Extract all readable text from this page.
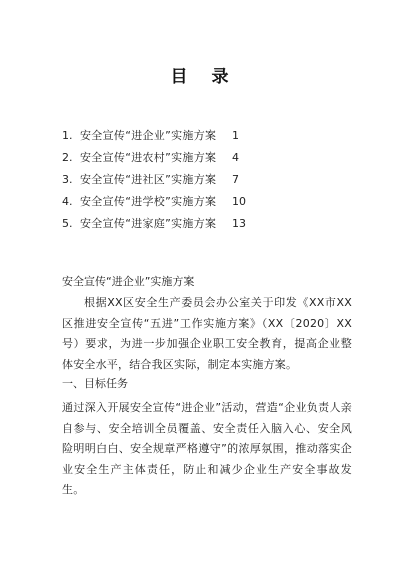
目 录
1. 安全宣传“进企业”实施方案 1
2. 安全宣传“进农村”实施方案 4
3. 安全宣传“进社区”实施方案 7
4. 安全宣传“进学校”实施方案 10
5. 安全宣传“进家庭”实施方案 13
安全宣传“进企业”实施方案
根据XX区安全生产委员会办公室关于印发《XX市XX区推进安全宣传“五进”工作实施方案》（XX〔2020〕XX号）要求，为进一步加强企业职工安全教育，提高企业整体安全水平，结合我区实际，制定本实施方案。
一、目标任务
通过深入开展安全宣传“进企业”活动，营造“企业负责人亲自参与、安全培训全员覆盖、安全责任入脑入心、安全风险明明白白、安全规章严格遵守”的浓厚氛围，推动落实企业安全生产主体责任，防止和减少企业生产安全事故发生。
